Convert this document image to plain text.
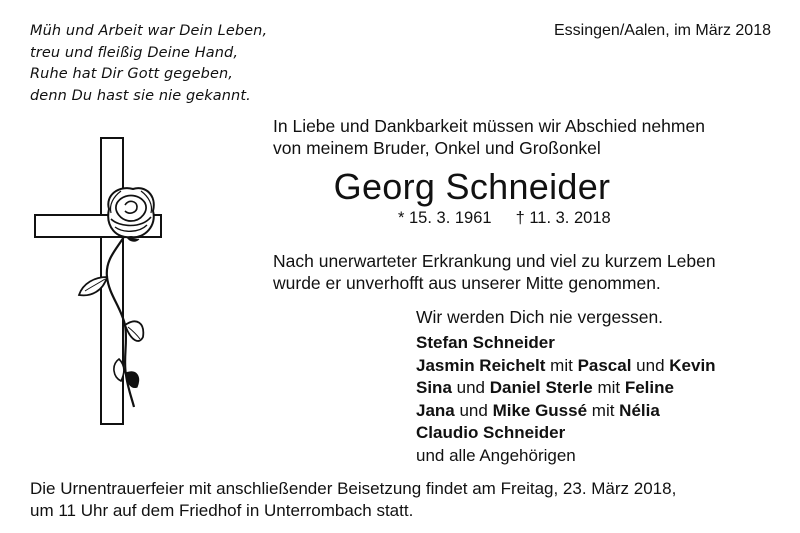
Müh und Arbeit war Dein Leben,
treu und fleißig Deine Hand,
Ruhe hat Dir Gott gegeben,
denn Du hast sie nie gekannt.
Essingen/Aalen, im März 2018
In Liebe und Dankbarkeit müssen wir Abschied nehmen
von meinem Bruder, Onkel und Großonkel
Georg Schneider
* 15. 3. 1961 † 11. 3. 2018
Nach unerwarteter Erkrankung und viel zu kurzem Leben
wurde er unverhofft aus unserer Mitte genommen.
Wir werden Dich nie vergessen.
Stefan Schneider
Jasmin Reichelt mit Pascal und Kevin
Sina und Daniel Sterle mit Feline
Jana und Mike Gussé mit Nélia
Claudio Schneider
und alle Angehörigen
Die Urnentrauerfeier mit anschließender Beisetzung findet am Freitag, 23. März 2018,
um 11 Uhr auf dem Friedhof in Unterrombach statt.
